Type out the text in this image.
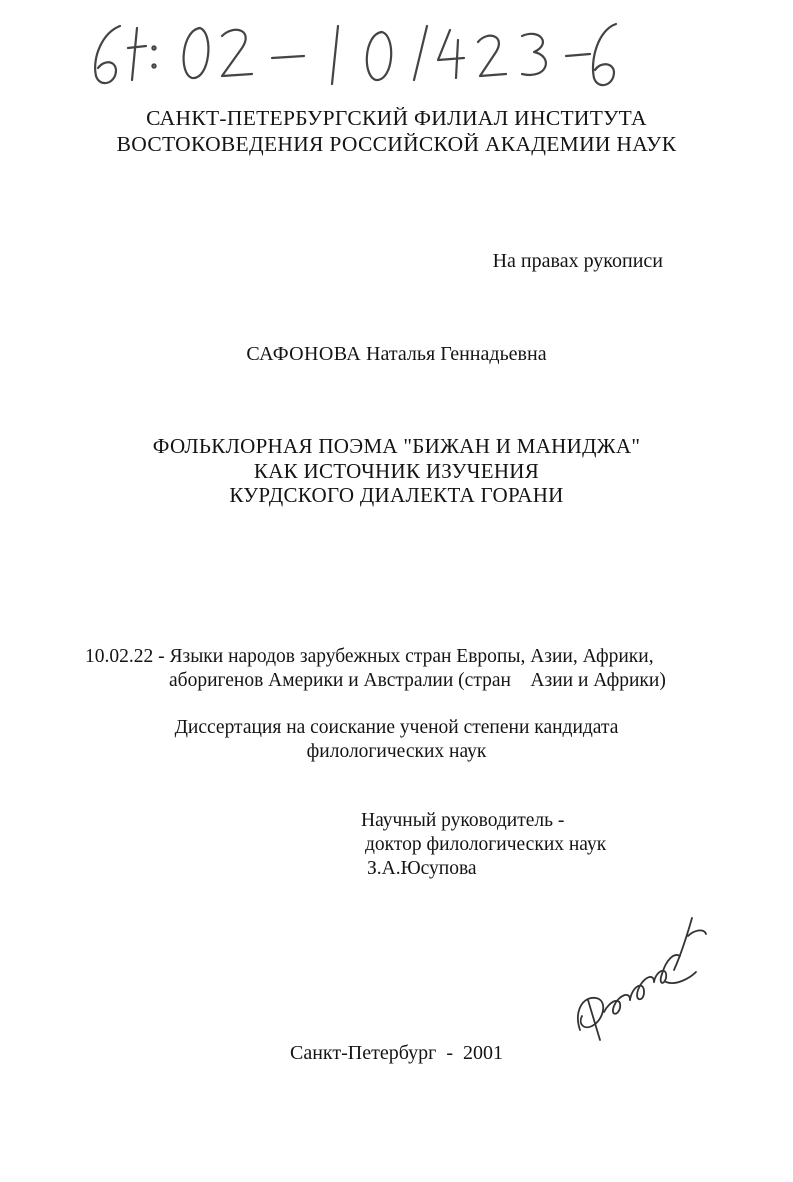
САНКТ-ПЕТЕРБУРГСКИЙ ФИЛИАЛ ИНСТИТУТА
ВОСТОКОВЕДЕНИЯ РОССИЙСКОЙ АКАДЕМИИ НАУК
На правах рукописи
САФОНОВА Наталья Геннадьевна
ФОЛЬКЛОРНАЯ ПОЭМА "БИЖАН И МАНИДЖА"
КАК ИСТОЧНИК ИЗУЧЕНИЯ
КУРДСКОГО ДИАЛЕКТА ГОРАНИ
10.02.22 - Языки народов зарубежных стран Европы, Азии, Африки,
аборигенов Америки и Австралии (стран    Азии и Африки)
Диссертация на соискание ученой степени кандидата
филологических наук
Научный руководитель -
доктор филологических наук
З.А.Юсупова
Санкт-Петербург  -  2001
